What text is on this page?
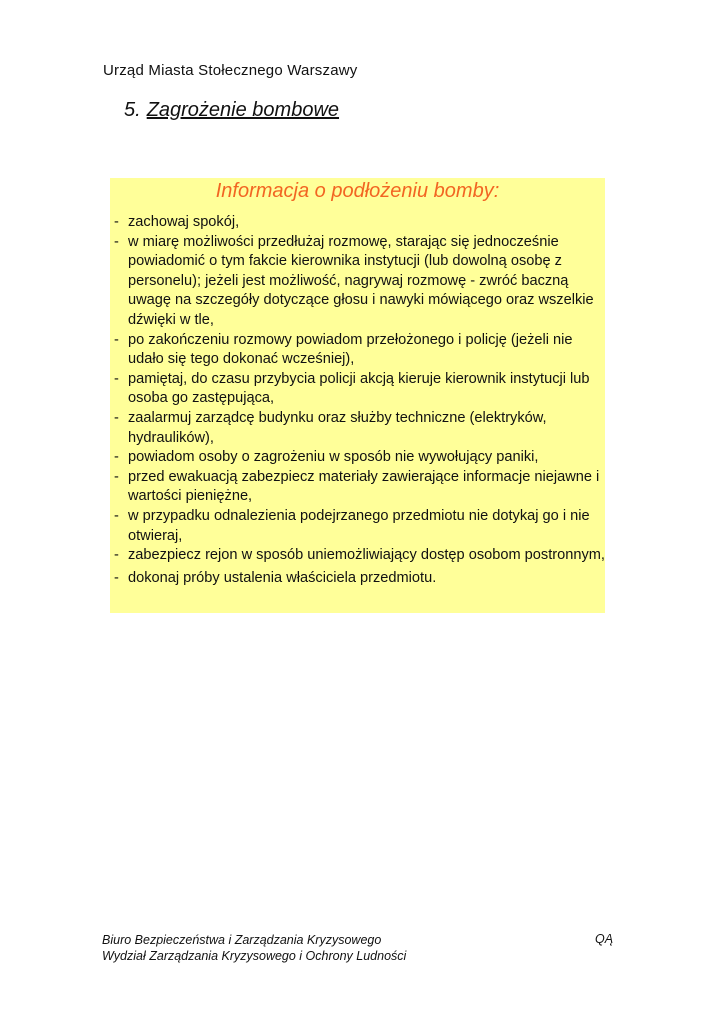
Urząd Miasta Stołecznego Warszawy
5. Zagrożenie bombowe
Informacja o podłożeniu bomby:
- zachowaj spokój,
- w miarę możliwości przedłużaj rozmowę, starając się jednocześnie powiadomić o tym fakcie kierownika instytucji (lub dowolną osobę z personelu); jeżeli jest możliwość, nagrywaj rozmowę - zwróć baczną uwagę na szczegóły dotyczące głosu i nawyki mówiącego oraz wszelkie dźwięki w tle,
- po zakończeniu rozmowy powiadom przełożonego i policję (jeżeli nie udało się tego dokonać wcześniej),
- pamiętaj, do czasu przybycia policji akcją kieruje kierownik instytucji lub osoba go zastępująca,
- zaalarmuj zarządcę budynku oraz służby techniczne (elektryków, hydraulików),
- powiadom osoby o zagrożeniu w sposób nie wywołujący paniki,
- przed ewakuacją zabezpiecz materiały zawierające informacje niejawne i wartości pieniężne,
- w przypadku odnalezienia podejrzanego przedmiotu nie dotykaj go i nie otwieraj,
- zabezpiecz rejon w sposób uniemożliwiający dostęp osobom postronnym,
- dokonaj próby ustalenia właściciela przedmiotu.
Biuro Bezpieczeństwa i Zarządzania Kryzysowego
Wydział Zarządzania Kryzysowego i Ochrony Ludności
QĄ
